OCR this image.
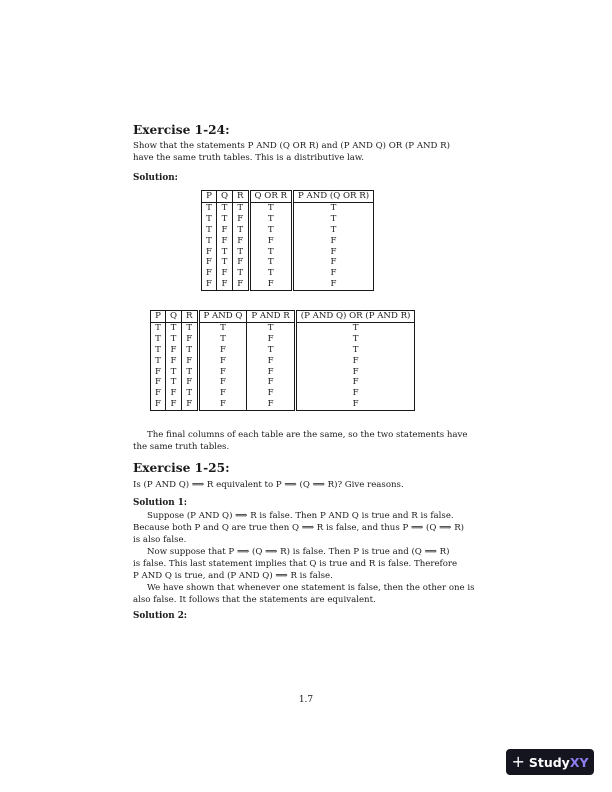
Exercise 1-24:

Show that the statements P AND (Q OR R) and (P AND Q) OR (P AND R)
have the same truth tables. This is a distributive law.

Solution:

P	Q	R	Q OR R	P AND (Q OR R)
T	T	T	T	T
T	T	F	T	T
T	F	T	T	T
T	F	F	F	F
F	T	T	T	F
F	T	F	T	F
F	F	T	T	F
F	F	F	F	F
P	Q	R	P AND Q	P AND R	(P AND Q) OR (P AND R)
T	T	T	T	T	T
T	T	F	T	F	T
T	F	T	F	T	T
T	F	F	F	F	F
F	T	T	F	F	F
F	T	F	F	F	F
F	F	T	F	F	F
F	F	F	F	F	F

The final columns of each table are the same, so the two statements have
the same truth tables.

Exercise 1-25:

Is (P AND Q) ⟹ R equivalent to P ⟹ (Q ⟹ R)? Give reasons.

Solution 1:

Suppose (P AND Q) ⟹ R is false. Then P AND Q is true and R is false.
Because both P and Q are true then Q ⟹ R is false, and thus P ⟹ (Q ⟹ R)
is also false.

Now suppose that P ⟹ (Q ⟹ R) is false. Then P is true and (Q ⟹ R)
is false. This last statement implies that Q is true and R is false. Therefore
P AND Q is true, and (P AND Q) ⟹ R is false.

We have shown that whenever one statement is false, then the other one is
also false. It follows that the statements are equivalent.

Solution 2:

1.7
+ StudyXY
